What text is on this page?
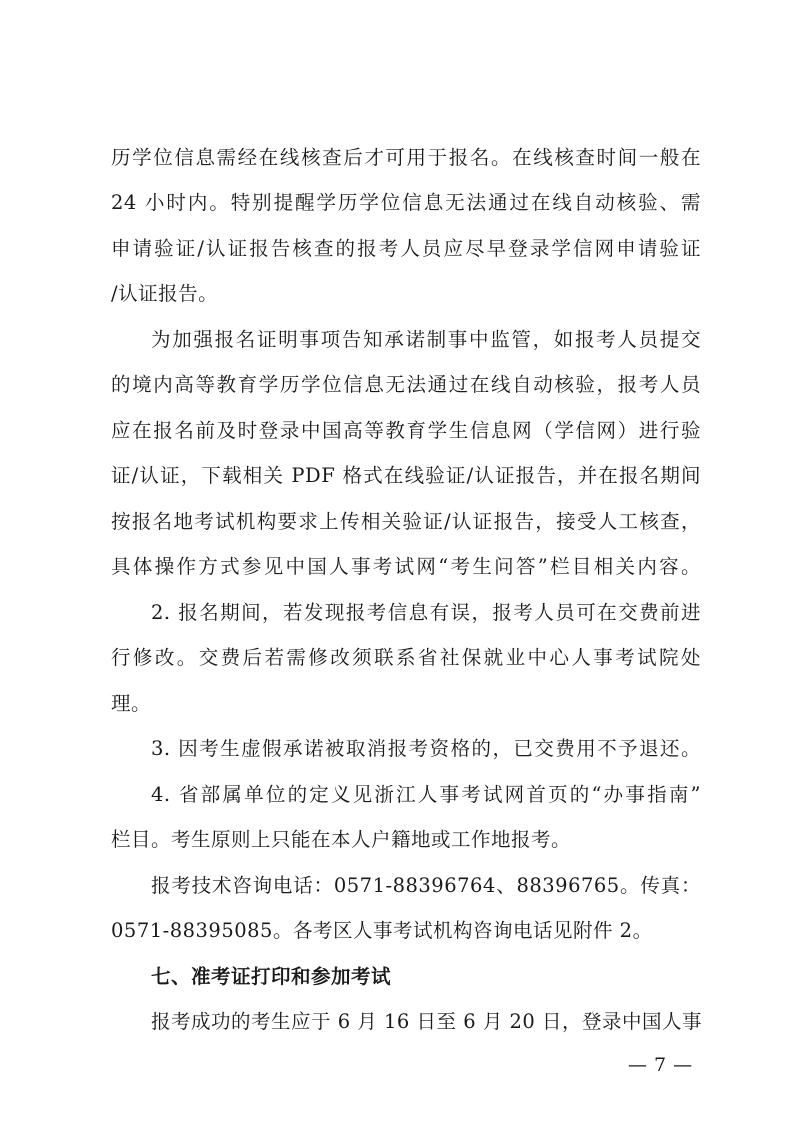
历学位信息需经在线核查后才可用于报名。在线核查时间一般在
24 小时内。特别提醒学历学位信息无法通过在线自动核验、需
申请验证/认证报告核查的报考人员应尽早登录学信网申请验证
/认证报告。
为加强报名证明事项告知承诺制事中监管，如报考人员提交
的境内高等教育学历学位信息无法通过在线自动核验，报考人员
应在报名前及时登录中国高等教育学生信息网（学信网）进行验
证/认证，下载相关 PDF 格式在线验证/认证报告，并在报名期间
按报名地考试机构要求上传相关验证/认证报告，接受人工核查，
具体操作方式参见中国人事考试网“考生问答”栏目相关内容。
2. 报名期间，若发现报考信息有误，报考人员可在交费前进
行修改。交费后若需修改须联系省社保就业中心人事考试院处
理。
3. 因考生虚假承诺被取消报考资格的，已交费用不予退还。
4. 省部属单位的定义见浙江人事考试网首页的“办事指南”
栏目。考生原则上只能在本人户籍地或工作地报考。
报考技术咨询电话：0571-88396764、88396765。传真：
0571-88395085。各考区人事考试机构咨询电话见附件 2。
七、准考证打印和参加考试
报考成功的考生应于 6 月 16 日至 6 月 20 日，登录中国人事
— 7 —
